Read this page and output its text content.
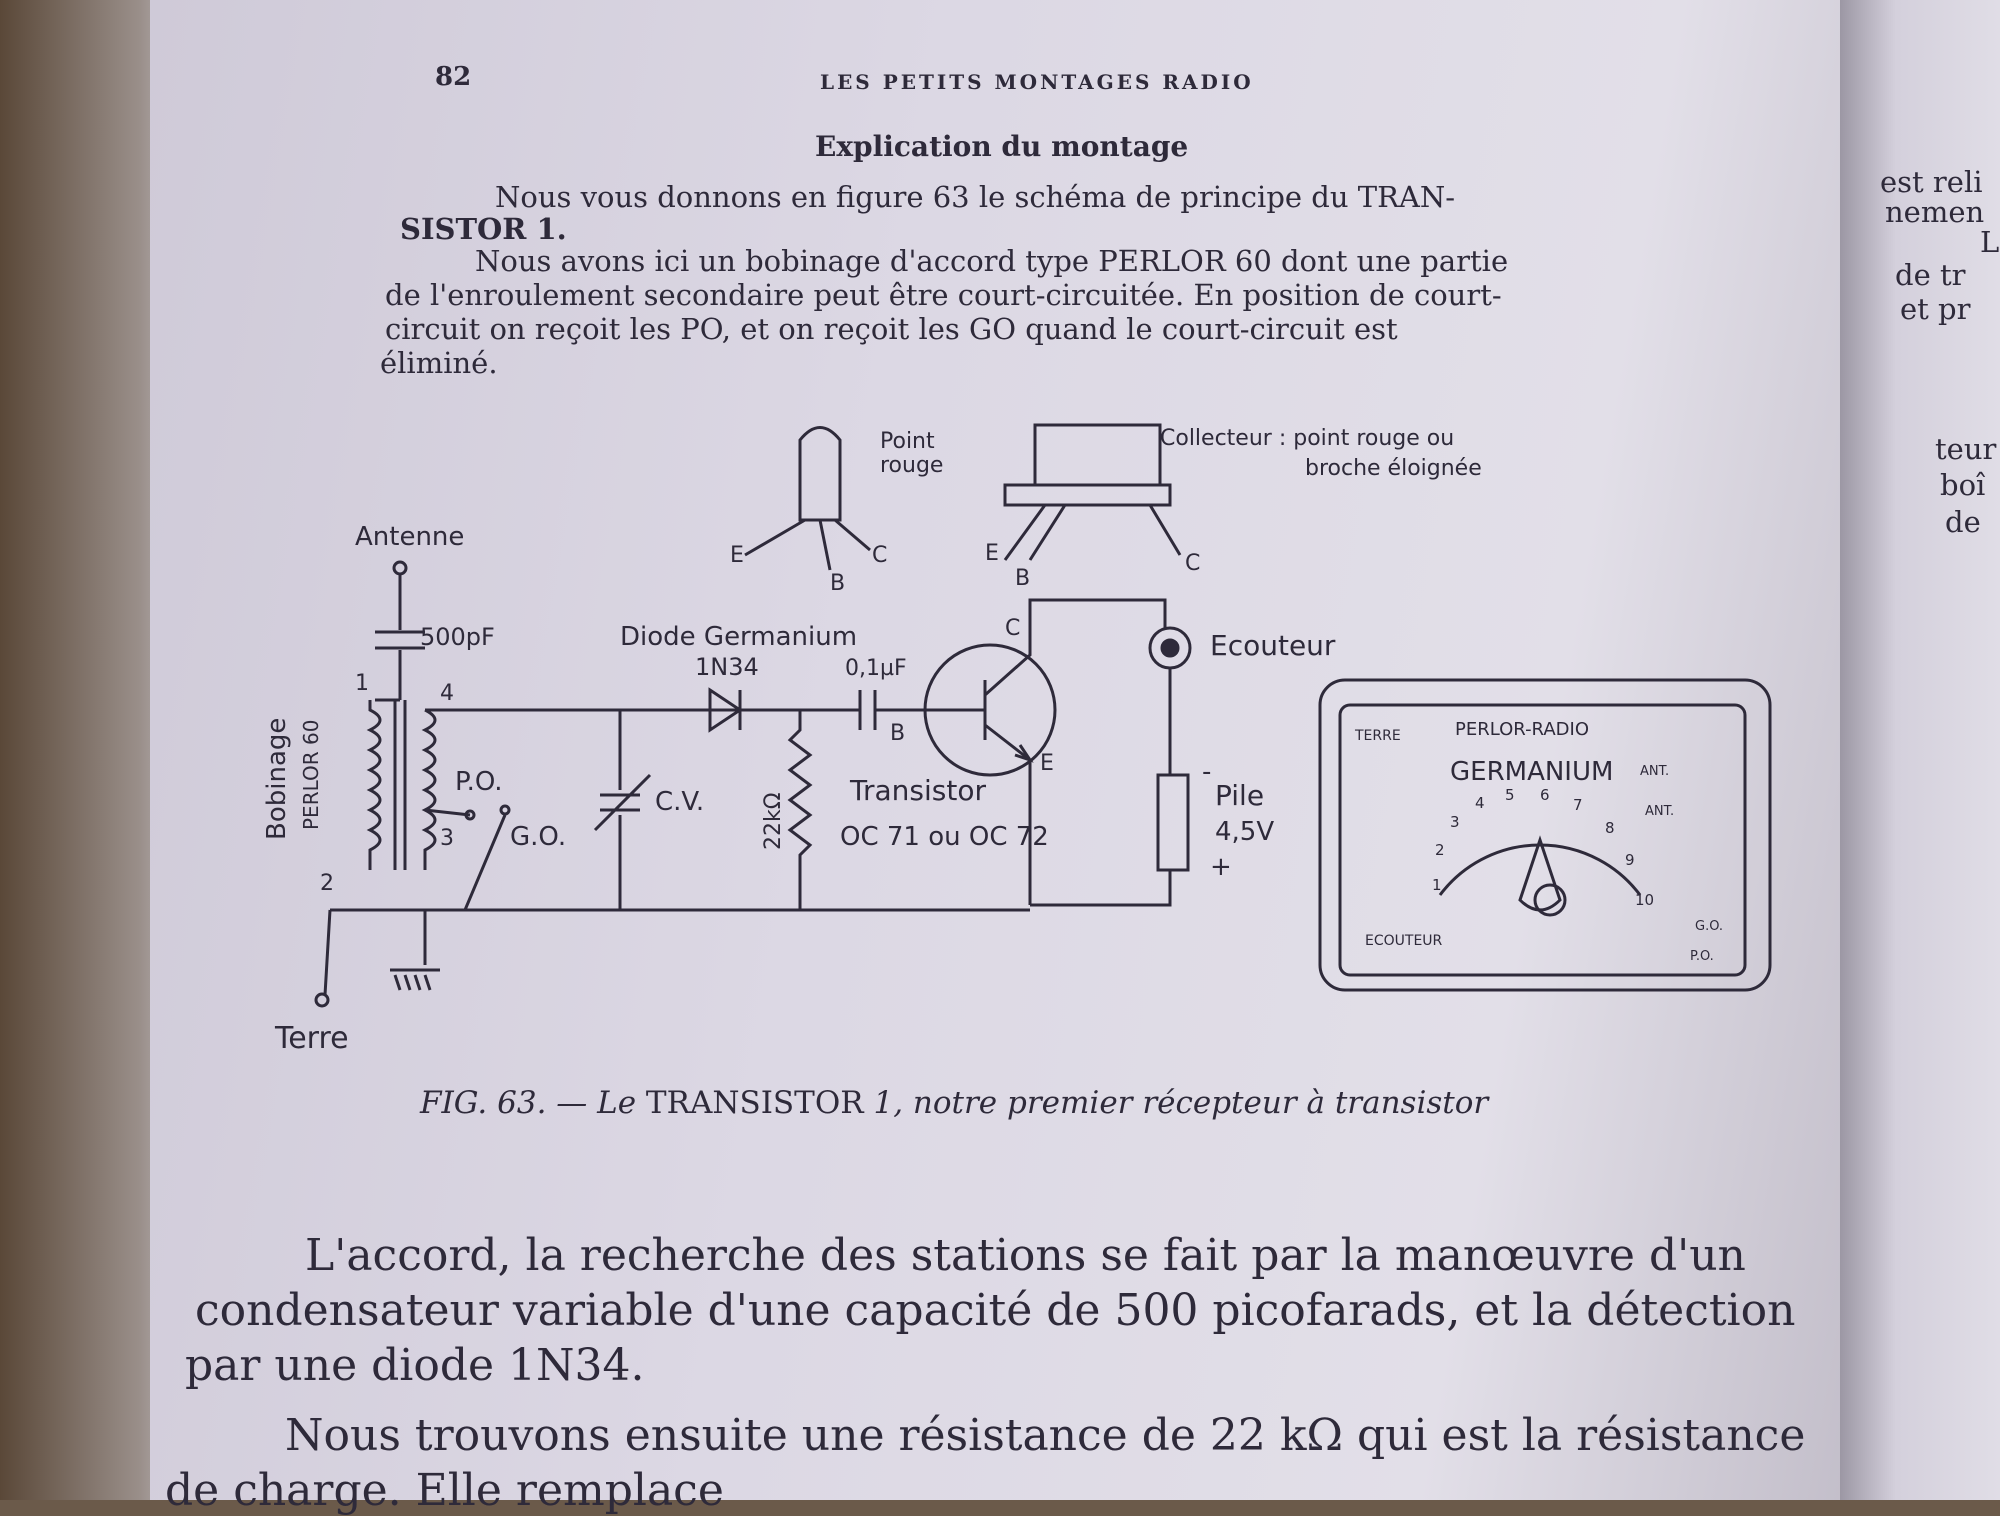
82	LES PETITS MONTAGES RADIO
Explication du montage
Nous vous donnons en figure 63 le schéma de principe du TRAN-
SISTOR 1.
Nous avons ici un bobinage d'accord type PERLOR 60 dont une partie
de l'enroulement secondaire peut être court-circuitée. En position de court-
circuit on reçoit les PO, et on reçoit les GO quand le court-circuit est
éliminé.
Point
rouge
Collecteur : point rouge ou
broche éloignée
E
B
C	E
B
C
Antenne
500pF	Diode Germanium
1N34	0,1µF
C
B
E
1
2
3
4
P.O.
G.O.
C.V.	22kΩ
Transistor
OC 71 ou OC 72
Ecouteur
Pile
4,5V
-
+
Terre
Bobinage PERLOR 60	TERRE	PERLOR-RADIO
GERMANIUM ANT.
ANT.
ECOUTEUR
G.O.
P.O.
1
2
3
4 5 6
7
8
9
10
FIG. 63. — Le TRANSISTOR 1, notre premier récepteur à transistor
L'accord, la recherche des stations se fait par la manœuvre d'un
condensateur variable d'une capacité de 500 picofarads, et la détection
par une diode 1N34.
Nous trouvons ensuite une résistance de 22 kΩ qui est la résistance
de charge. Elle remplace
est reli
nemen
L
de tr
et pr
teur
boî
de
